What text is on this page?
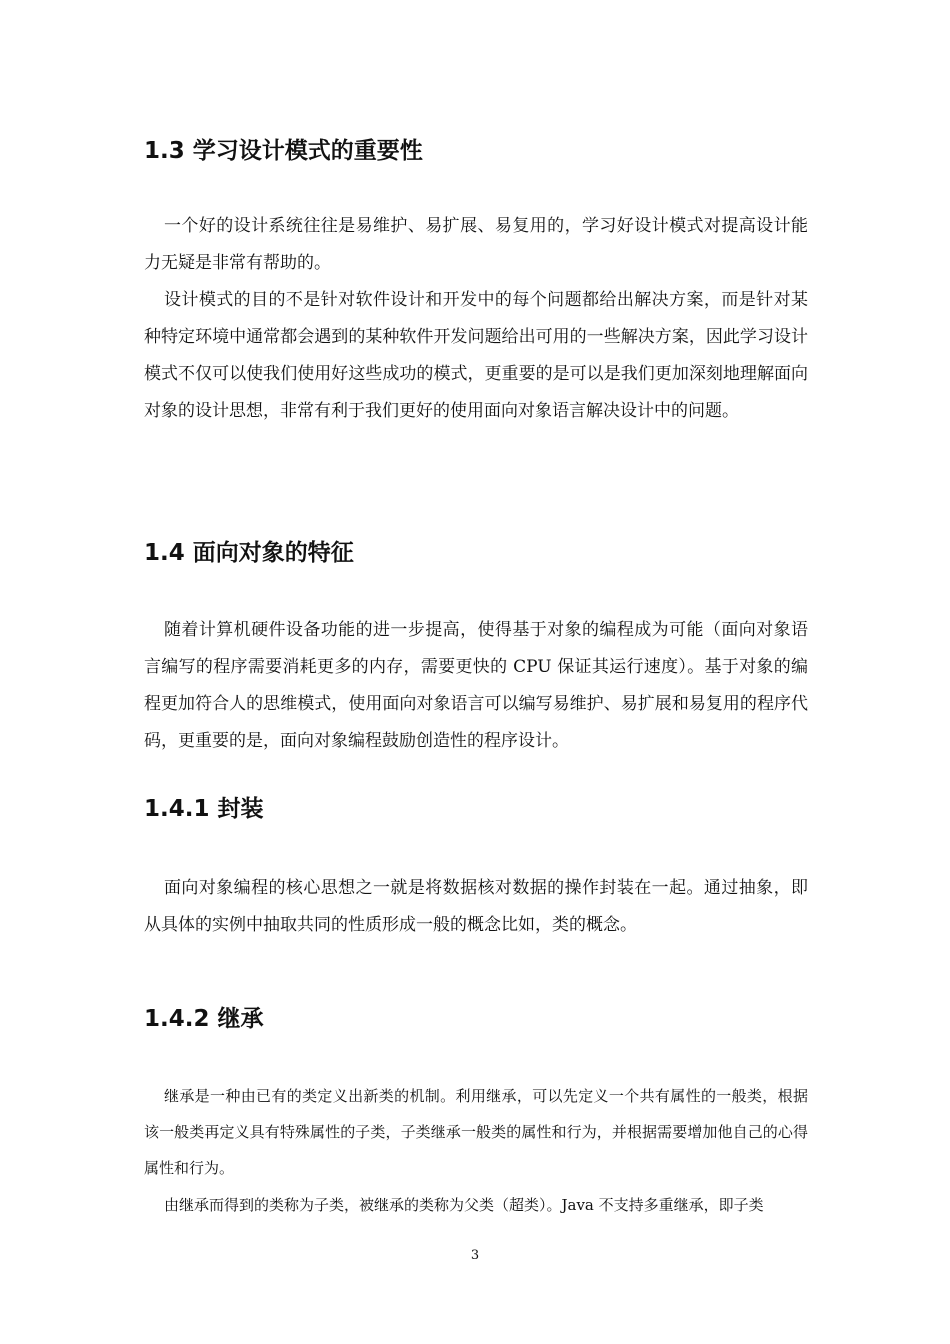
1.3 学习设计模式的重要性

一个好的设计系统往往是易维护、易扩展、易复用的，学习好设计模式对提高设计能力无疑是非常有帮助的。

设计模式的目的不是针对软件设计和开发中的每个问题都给出解决方案，而是针对某种特定环境中通常都会遇到的某种软件开发问题给出可用的一些解决方案，因此学习设计模式不仅可以使我们使用好这些成功的模式，更重要的是可以是我们更加深刻地理解面向对象的设计思想，非常有利于我们更好的使用面向对象语言解决设计中的问题。

1.4 面向对象的特征

随着计算机硬件设备功能的进一步提高，使得基于对象的编程成为可能（面向对象语言编写的程序需要消耗更多的内存，需要更快的 CPU 保证其运行速度）。基于对象的编程更加符合人的思维模式，使用面向对象语言可以编写易维护、易扩展和易复用的程序代码，更重要的是，面向对象编程鼓励创造性的程序设计。

1.4.1 封装

面向对象编程的核心思想之一就是将数据核对数据的操作封装在一起。通过抽象，即从具体的实例中抽取共同的性质形成一般的概念比如，类的概念。

1.4.2 继承

继承是一种由已有的类定义出新类的机制。利用继承，可以先定义一个共有属性的一般类，根据该一般类再定义具有特殊属性的子类，子类继承一般类的属性和行为，并根据需要增加他自己的心得属性和行为。

由继承而得到的类称为子类，被继承的类称为父类（超类）。Java 不支持多重继承，即子类

3
